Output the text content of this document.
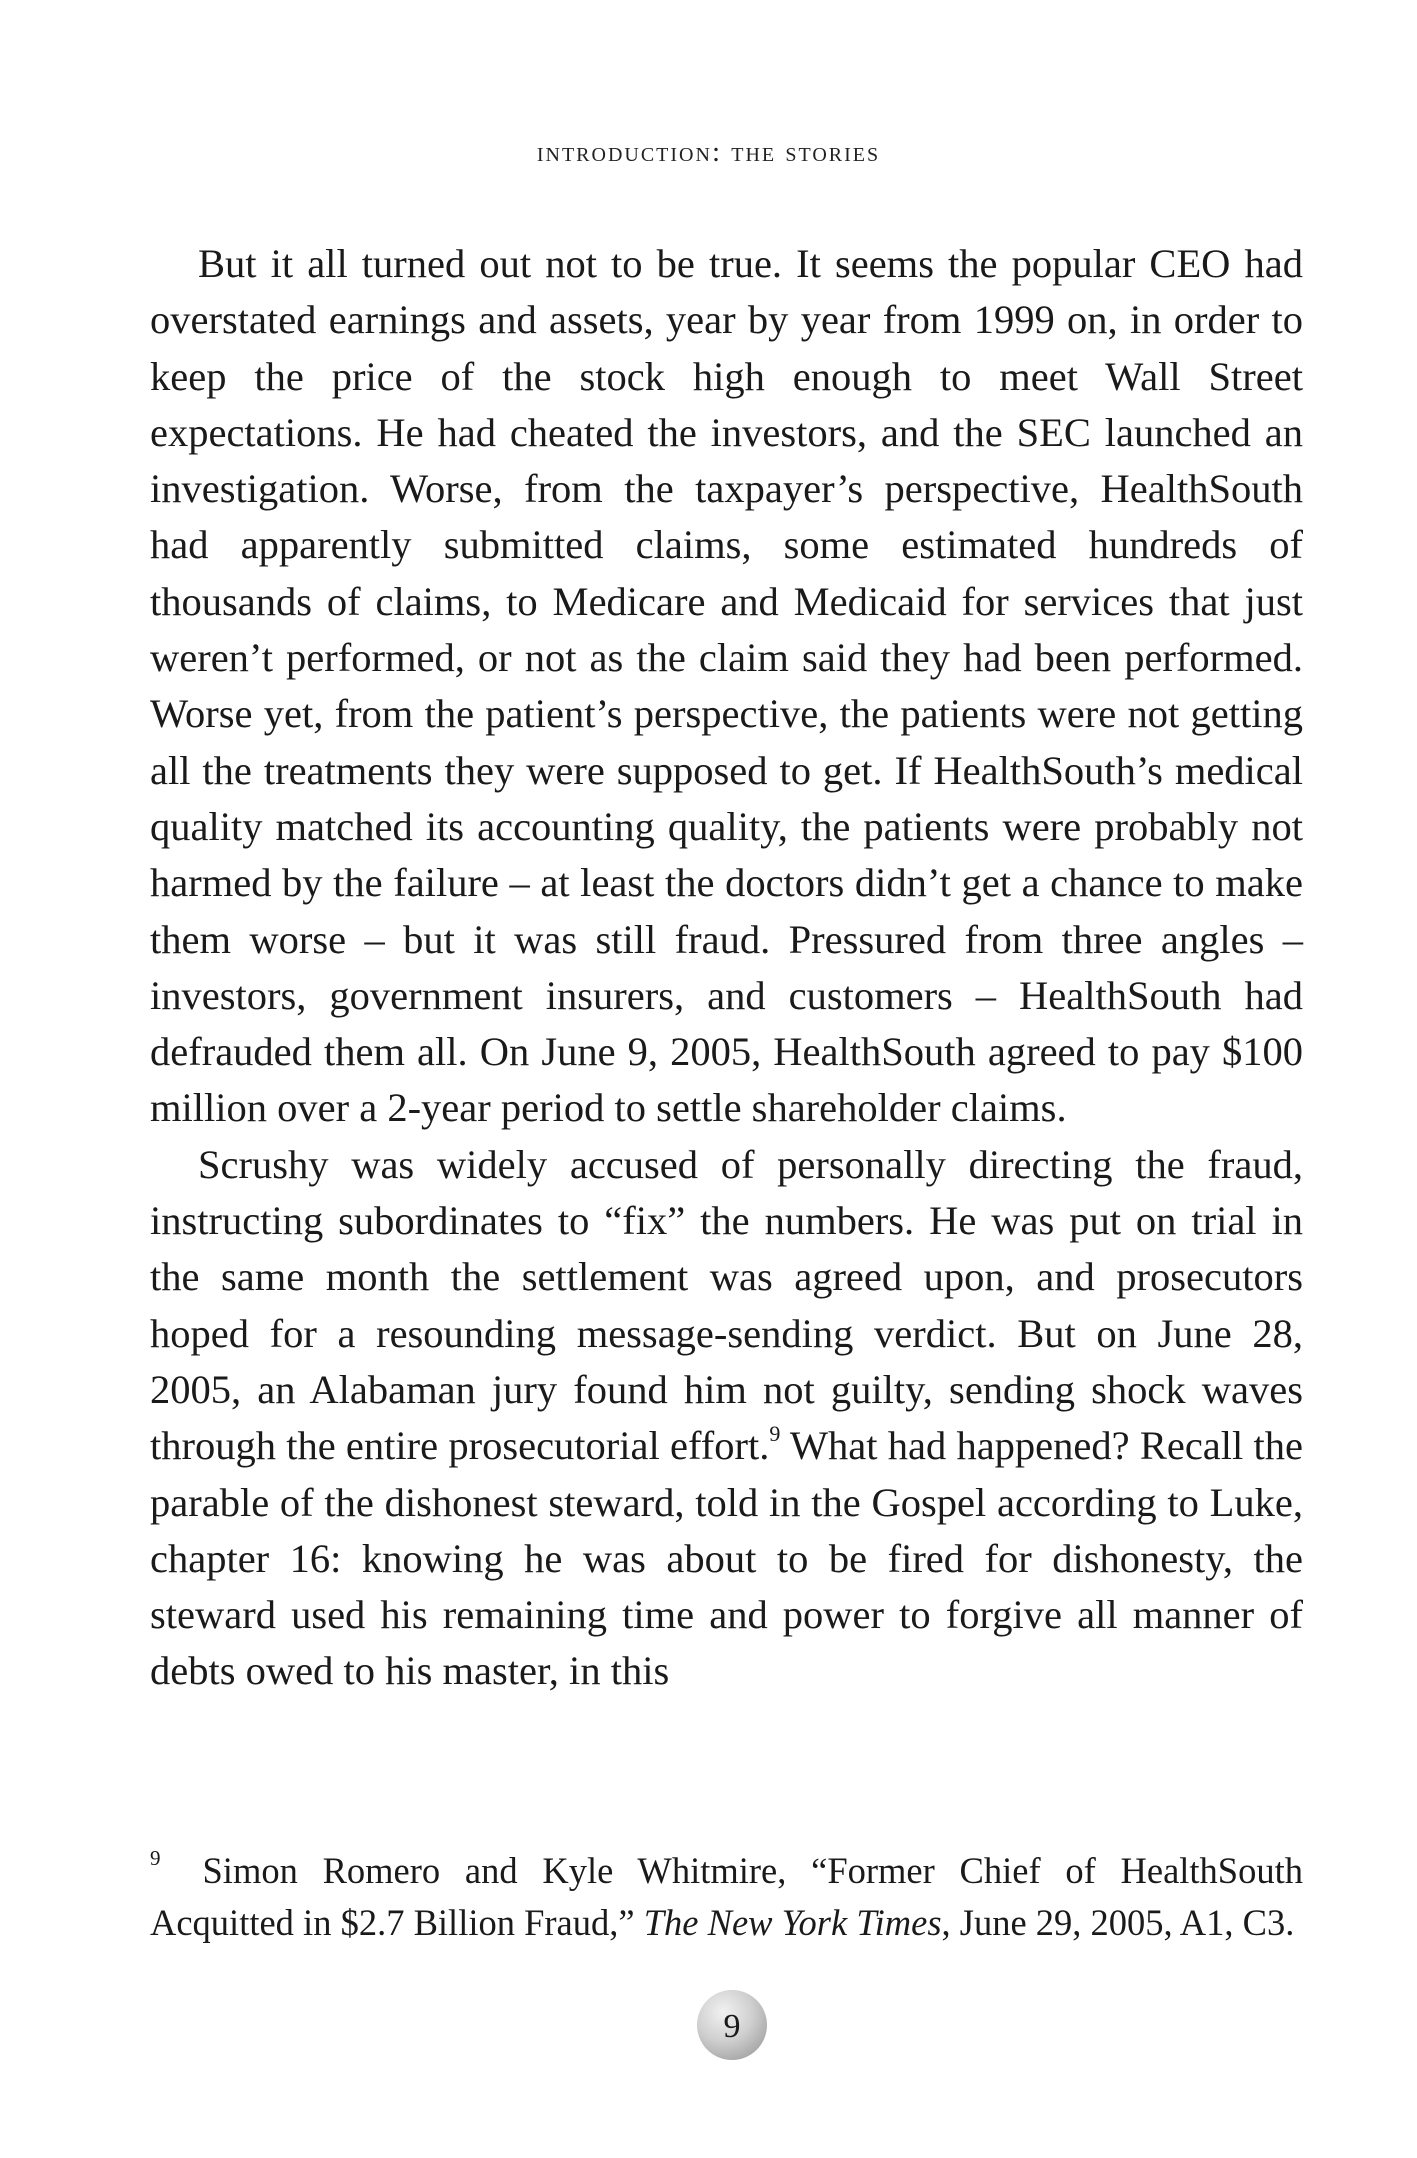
introduction: the stories

But it all turned out not to be true. It seems the popular CEO had overstated earnings and assets, year by year from 1999 on, in order to keep the price of the stock high enough to meet Wall Street expectations. He had cheated the investors, and the SEC launched an investigation. Worse, from the taxpayer’s perspective, HealthSouth had apparently submitted claims, some estimated hundreds of thousands of claims, to Medicare and Medicaid for services that just weren’t performed, or not as the claim said they had been performed. Worse yet, from the patient’s perspective, the patients were not getting all the treatments they were supposed to get. If HealthSouth’s medical quality matched its accounting quality, the patients were probably not harmed by the failure – at least the doctors didn’t get a chance to make them worse – but it was still fraud. Pressured from three angles – investors, government insurers, and customers – HealthSouth had defrauded them all. On June 9, 2005, HealthSouth agreed to pay $100 million over a 2-year period to settle shareholder claims.

Scrushy was widely accused of personally directing the fraud, instructing subordinates to “fix” the numbers. He was put on trial in the same month the settlement was agreed upon, and prosecutors hoped for a resounding message-sending verdict. But on June 28, 2005, an Alabaman jury found him not guilty, sending shock waves through the entire prosecutorial effort.$^9$ What had happened? Recall the parable of the dishonest steward, told in the Gospel according to Luke, chapter 16: knowing he was about to be fired for dishonesty, the steward used his remaining time and power to forgive all manner of debts owed to his master, in this

$^9$ Simon Romero and Kyle Whitmire, “Former Chief of HealthSouth Acquitted in $2.7 Billion Fraud,” The New York Times, June 29, 2005, A1, C3.
9
